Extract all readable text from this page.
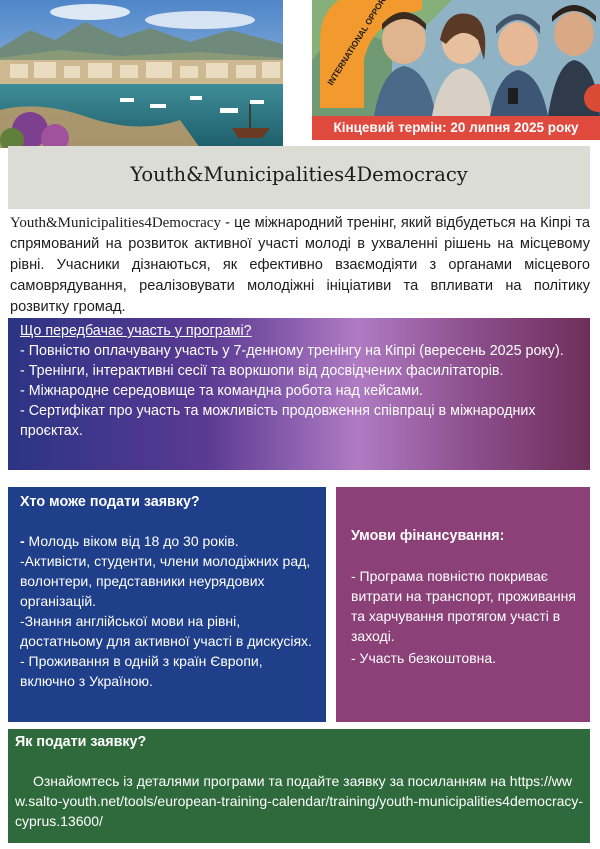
Кінцевий термін: 20 липня 2025 року
Youth&Municipalities4Democracy
Youth&Municipalities4Democracy - це міжнародний тренінг, який відбудеться на Кіпрі та спрямований на розвиток активної участі молоді в ухваленні рішень на місцевому рівні. Учасники дізнаються, як ефективно взаємодіяти з органами місцевого самоврядування, реалізовувати молодіжні ініціативи та впливати на політику розвитку громад.
Що передбачає участь у програмі?
- Повністю оплачувану участь у 7-денному тренінгу на Кіпрі (вересень 2025 року).
- Тренінги, інтерактивні сесії та воркшопи від досвідчених фасилітаторів.
- Міжнародне середовище та командна робота над кейсами.
- Сертифікат про участь та можливість продовження співпраці в міжнародних проєктах.
Хто може подати заявку?
- Молодь віком від 18 до 30 років.
-Активісти, студенти, члени молодіжних рад, волонтери, представники неурядових організацій.
-Знання англійської мови на рівні, достатньому для активної участі в дискусіях.
- Проживання в одній з країн Європи, включно з Україною.
Умови фінансування:
- Програма повністю покриває витрати на транспорт, проживання та харчування протягом участі в заході.
- Участь безкоштовна.
Як подати заявку?
Ознайомтесь із деталями програми та подайте заявку за посиланням на https://www.salto-youth.net/tools/european-training-calendar/training/youth-municipalities4democracy-cyprus.13600/
